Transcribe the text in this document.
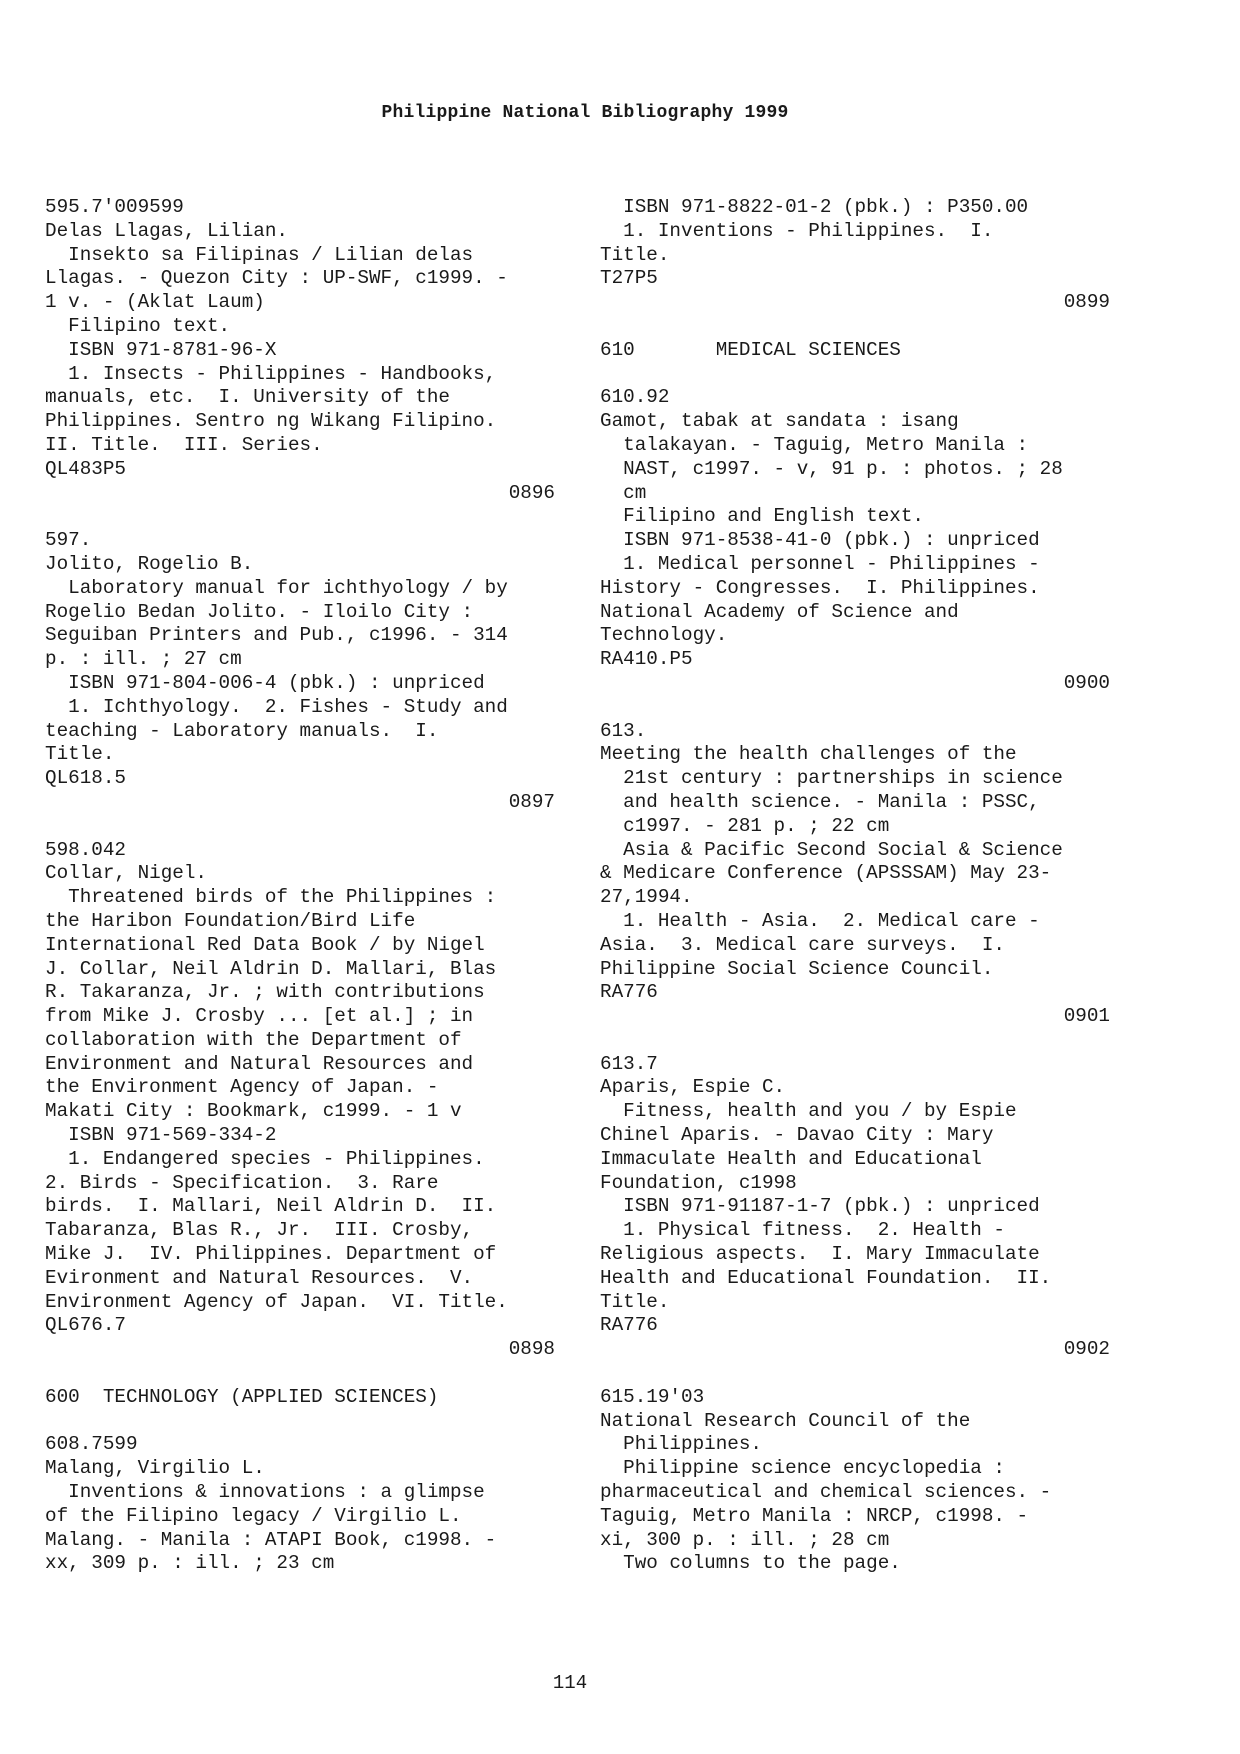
Philippine National Bibliography 1999
595.7'009599
Delas Llagas, Lilian.
Insekto sa Filipinas / Lilian delas
Llagas. - Quezon City : UP-SWF, c1999. -
1 v. - (Aklat Laum)
Filipino text.
ISBN 971-8781-96-X
1. Insects - Philippines - Handbooks,
manuals, etc.  I. University of the
Philippines. Sentro ng Wikang Filipino.
II. Title.  III. Series.
QL483P5
0896
597.
Jolito, Rogelio B.
Laboratory manual for ichthyology / by
Rogelio Bedan Jolito. - Iloilo City :
Seguiban Printers and Pub., c1996. - 314
p. : ill. ; 27 cm
ISBN 971-804-006-4 (pbk.) : unpriced
1. Ichthyology.  2. Fishes - Study and
teaching - Laboratory manuals.  I.
Title.
QL618.5
0897
598.042
Collar, Nigel.
Threatened birds of the Philippines :
the Haribon Foundation/Bird Life
International Red Data Book / by Nigel
J. Collar, Neil Aldrin D. Mallari, Blas
R. Takaranza, Jr. ; with contributions
from Mike J. Crosby ... [et al.] ; in
collaboration with the Department of
Environment and Natural Resources and
the Environment Agency of Japan. -
Makati City : Bookmark, c1999. - 1 v
ISBN 971-569-334-2
1. Endangered species - Philippines.
2. Birds - Specification.  3. Rare
birds.  I. Mallari, Neil Aldrin D.  II.
Tabaranza, Blas R., Jr.  III. Crosby,
Mike J.  IV. Philippines. Department of
Evironment and Natural Resources.  V.
Environment Agency of Japan.  VI. Title.
QL676.7
0898
600  TECHNOLOGY (APPLIED SCIENCES)
608.7599
Malang, Virgilio L.
Inventions & innovations : a glimpse
of the Filipino legacy / Virgilio L.
Malang. - Manila : ATAPI Book, c1998. -
xx, 309 p. : ill. ; 23 cm
ISBN 971-8822-01-2 (pbk.) : P350.00
1. Inventions - Philippines.  I.
Title.
T27P5
0899
610       MEDICAL SCIENCES
610.92
Gamot, tabak at sandata : isang
talakayan. - Taguig, Metro Manila :
NAST, c1997. - v, 91 p. : photos. ; 28
cm
Filipino and English text.
ISBN 971-8538-41-0 (pbk.) : unpriced
1. Medical personnel - Philippines -
History - Congresses.  I. Philippines.
National Academy of Science and
Technology.
RA410.P5
0900
613.
Meeting the health challenges of the
21st century : partnerships in science
and health science. - Manila : PSSC,
c1997. - 281 p. ; 22 cm
Asia & Pacific Second Social & Science
& Medicare Conference (APSSSAM) May 23-
27,1994.
1. Health - Asia.  2. Medical care -
Asia.  3. Medical care surveys.  I.
Philippine Social Science Council.
RA776
0901
613.7
Aparis, Espie C.
Fitness, health and you / by Espie
Chinel Aparis. - Davao City : Mary
Immaculate Health and Educational
Foundation, c1998
ISBN 971-91187-1-7 (pbk.) : unpriced
1. Physical fitness.  2. Health -
Religious aspects.  I. Mary Immaculate
Health and Educational Foundation.  II.
Title.
RA776
0902
615.19'03
National Research Council of the
Philippines.
Philippine science encyclopedia :
pharmaceutical and chemical sciences. -
Taguig, Metro Manila : NRCP, c1998. -
xi, 300 p. : ill. ; 28 cm
Two columns to the page.
114
